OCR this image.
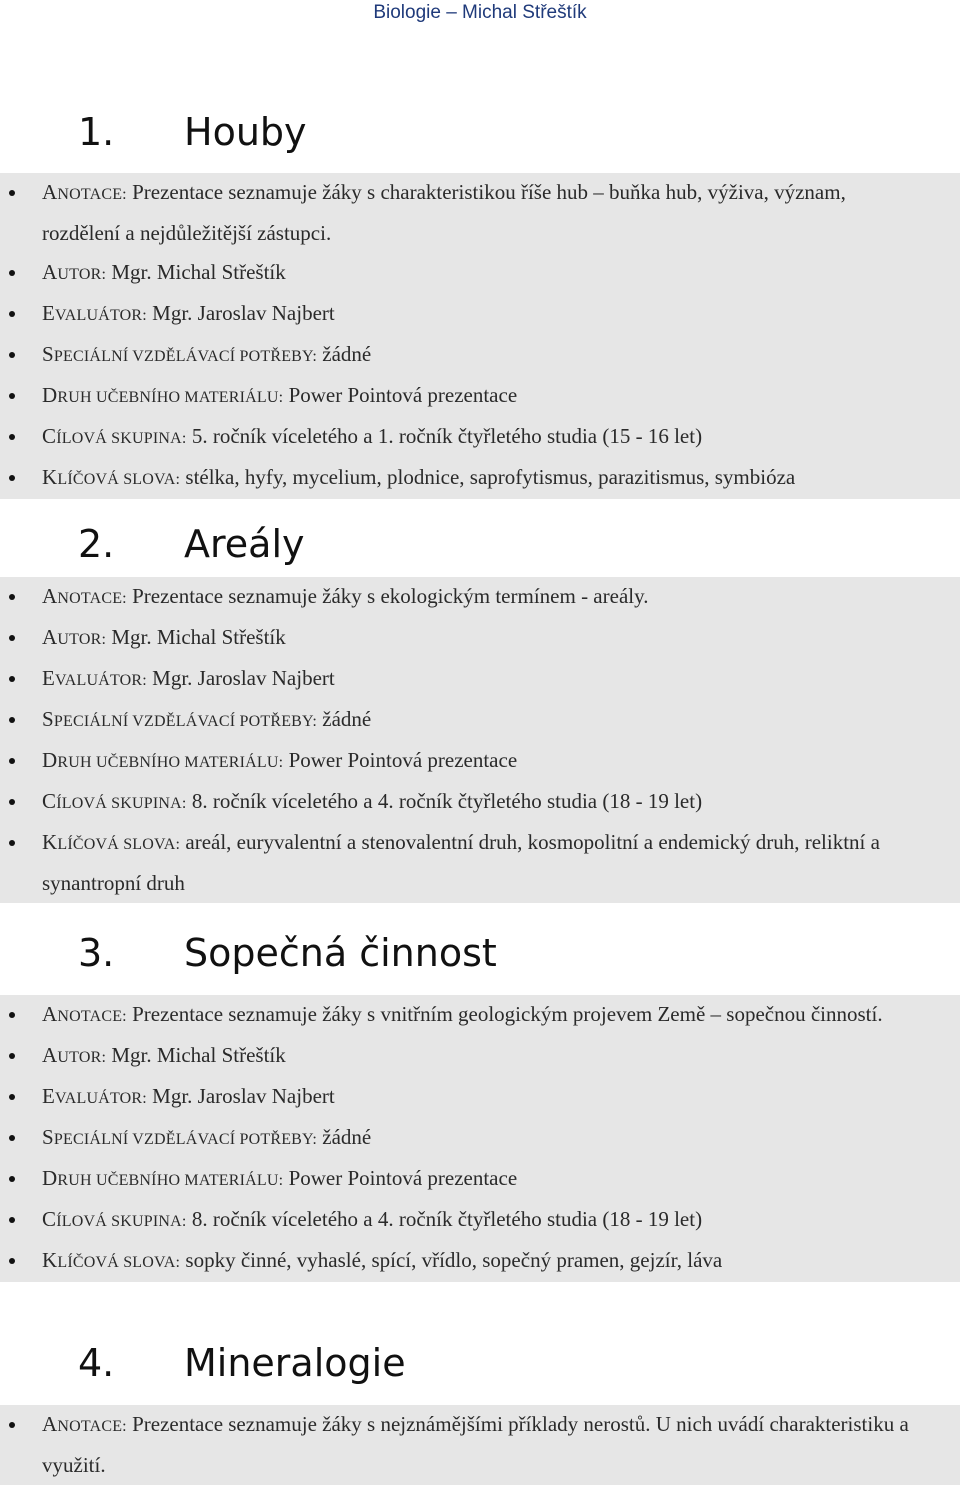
Biologie – Michal Střeštík
1. Houby
ANOTACE: Prezentace seznamuje žáky s charakteristikou říše hub – buňka hub, výživa, význam, rozdělení a nejdůležitější zástupci.
AUTOR: Mgr. Michal Střeštík
EVALUÁTOR: Mgr. Jaroslav Najbert
SPECIÁLNÍ VZDĚLÁVACÍ POTŘEBY: žádné
DRUH UČEBNÍHO MATERIÁLU: Power Pointová prezentace
CÍLOVÁ SKUPINA: 5. ročník víceletého a 1. ročník čtyřletého studia (15 - 16 let)
KLÍČOVÁ SLOVA: stélka, hyfy, mycelium, plodnice, saprofytismus, parazitismus, symbióza
2. Areály
ANOTACE: Prezentace seznamuje žáky s ekologickým termínem - areály.
AUTOR: Mgr. Michal Střeštík
EVALUÁTOR: Mgr. Jaroslav Najbert
SPECIÁLNÍ VZDĚLÁVACÍ POTŘEBY: žádné
DRUH UČEBNÍHO MATERIÁLU: Power Pointová prezentace
CÍLOVÁ SKUPINA: 8. ročník víceletého a 4. ročník čtyřletého studia (18 - 19 let)
KLÍČOVÁ SLOVA: areál, euryvalentní a stenovalentní druh, kosmopolitní a endemický druh, reliktní a synantropní druh
3. Sopečná činnost
ANOTACE: Prezentace seznamuje žáky s vnitřním geologickým projevem Země – sopečnou činností.
AUTOR: Mgr. Michal Střeštík
EVALUÁTOR: Mgr. Jaroslav Najbert
SPECIÁLNÍ VZDĚLÁVACÍ POTŘEBY: žádné
DRUH UČEBNÍHO MATERIÁLU: Power Pointová prezentace
CÍLOVÁ SKUPINA: 8. ročník víceletého a 4. ročník čtyřletého studia (18 - 19 let)
KLÍČOVÁ SLOVA: sopky činné, vyhaslé, spící, vřídlo, sopečný pramen, gejzír, láva
4. Mineralogie
ANOTACE: Prezentace seznamuje žáky s nejznámějšími příklady nerostů. U nich uvádí charakteristiku a využití.
